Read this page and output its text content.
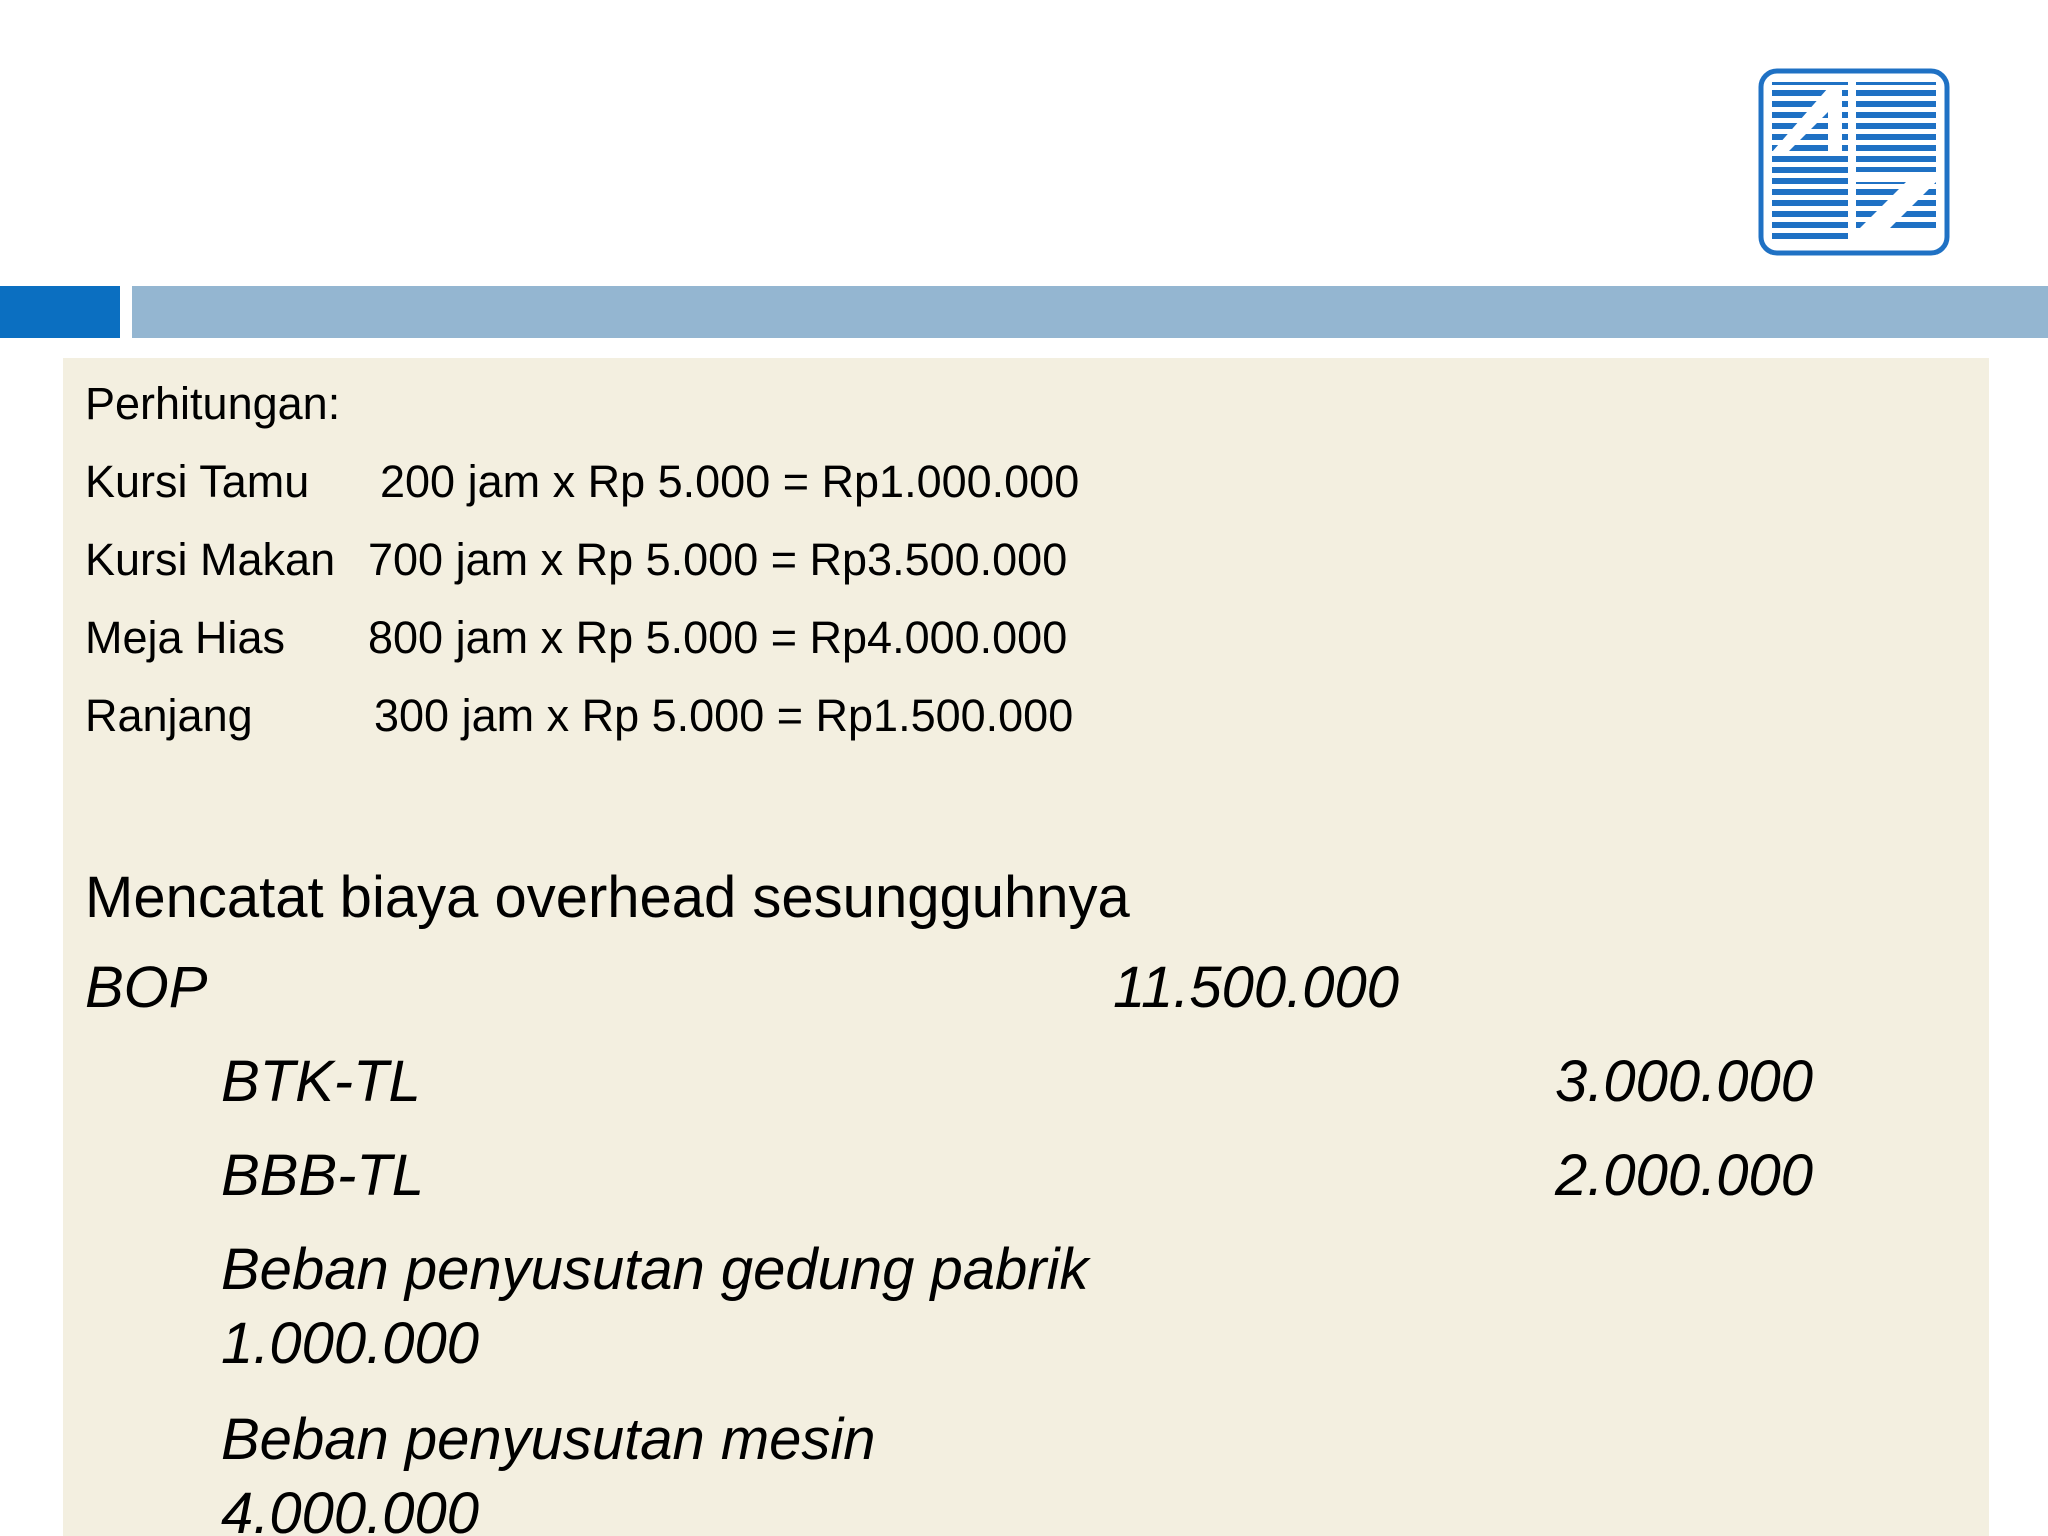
Perhitungan:
Kursi Tamu 200 jam x Rp 5.000 = Rp1.000.000
Kursi Makan 700 jam x Rp 5.000 = Rp3.500.000
Meja Hias 800 jam x Rp 5.000 = Rp4.000.000
Ranjang	300 jam x Rp 5.000 = Rp1.500.000
Mencatat biaya overhead sesungguhnya
BOP	11.500.000
BTK-TL	3.000.000
BBB-TL	2.000.000
Beban penyusutan gedung pabrik
1.000.000
Beban penyusutan mesin
4.000.000
